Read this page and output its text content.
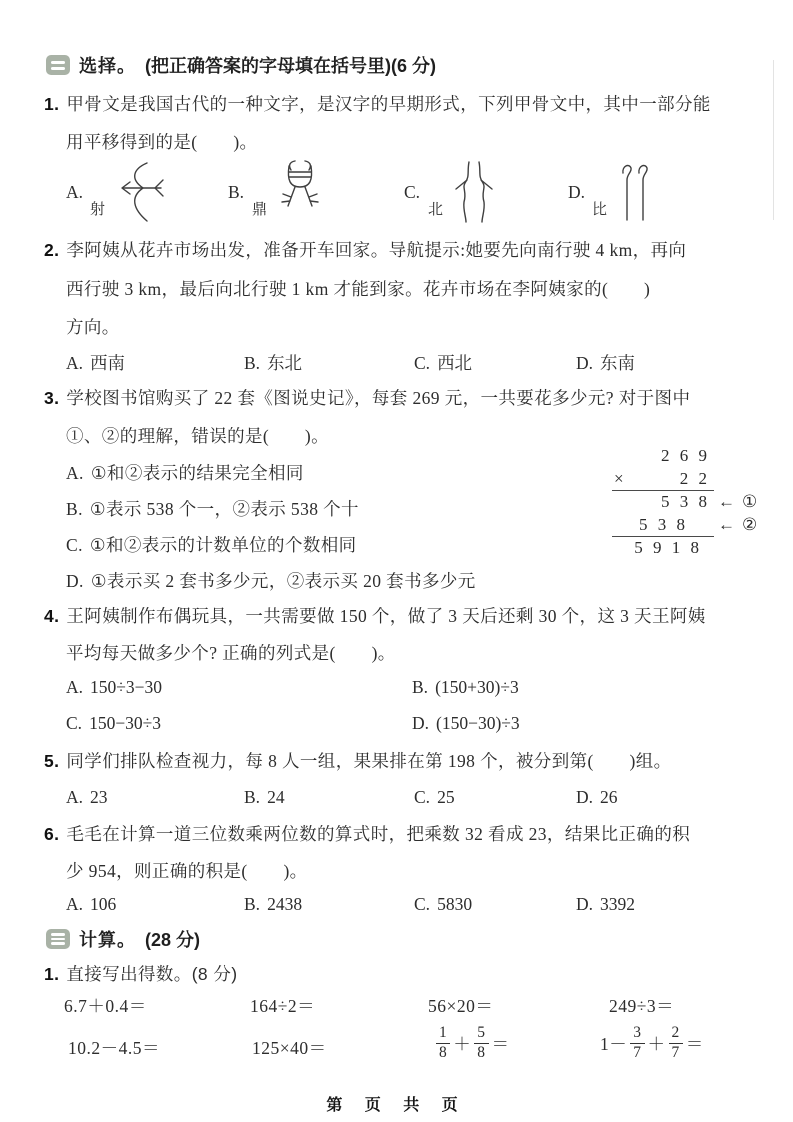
选择。 (把正确答案的字母填在括号里)(6 分)
1. 甲骨文是我国古代的一种文字，是汉字的早期形式，下列甲骨文中，其中一部分能
用平移得到的是(　　)。
A.
射
B.
鼎
C.
北
D.
比
2. 李阿姨从花卉市场出发，准备开车回家。导航提示:她要先向南行驶 4 km，再向
西行驶 3 km，最后向北行驶 1 km 才能到家。花卉市场在李阿姨家的(　　)
方向。
A. 西南	B. 东北	C. 西北	D. 东南
3. 学校图书馆购买了 22 套《图说史记》，每套 269 元，一共要花多少元? 对于图中
①、②的理解，错误的是(　　)。
A. ①和②表示的结果完全相同
B. ①表示 538 个一，②表示 538 个十
C. ①和②表示的计数单位的个数相同
D. ①表示买 2 套书多少元，②表示买 20 套书多少元
2 6 9
×	2 2
5 3 8 ← ①
5 3 8	← ②
5 9 1 8
4. 王阿姨制作布偶玩具，一共需要做 150 个，做了 3 天后还剩 30 个，这 3 天王阿姨
平均每天做多少个? 正确的列式是(　　)。
A. 150÷3−30	B. (150+30)÷3
C. 150−30÷3	D. (150−30)÷3
5. 同学们排队检查视力，每 8 人一组，果果排在第 198 个，被分到第(　　)组。
A. 23	B. 24	C. 25	D. 26
6. 毛毛在计算一道三位数乘两位数的算式时，把乘数 32 看成 23，结果比正确的积
少 954，则正确的积是(　　)。
A. 106	B. 2438	C. 5830	D. 3392
计算。 (28 分)
1. 直接写出得数。(8 分)
6.7＋0.4＝	164÷2＝	56×20＝	249÷3＝
10.2－4.5＝	125×40＝	$\frac{1}{8} + \frac{5}{8}$ ＝	$1- \frac{3}{7} + \frac{2}{7}$ ＝
第 页 共 页
